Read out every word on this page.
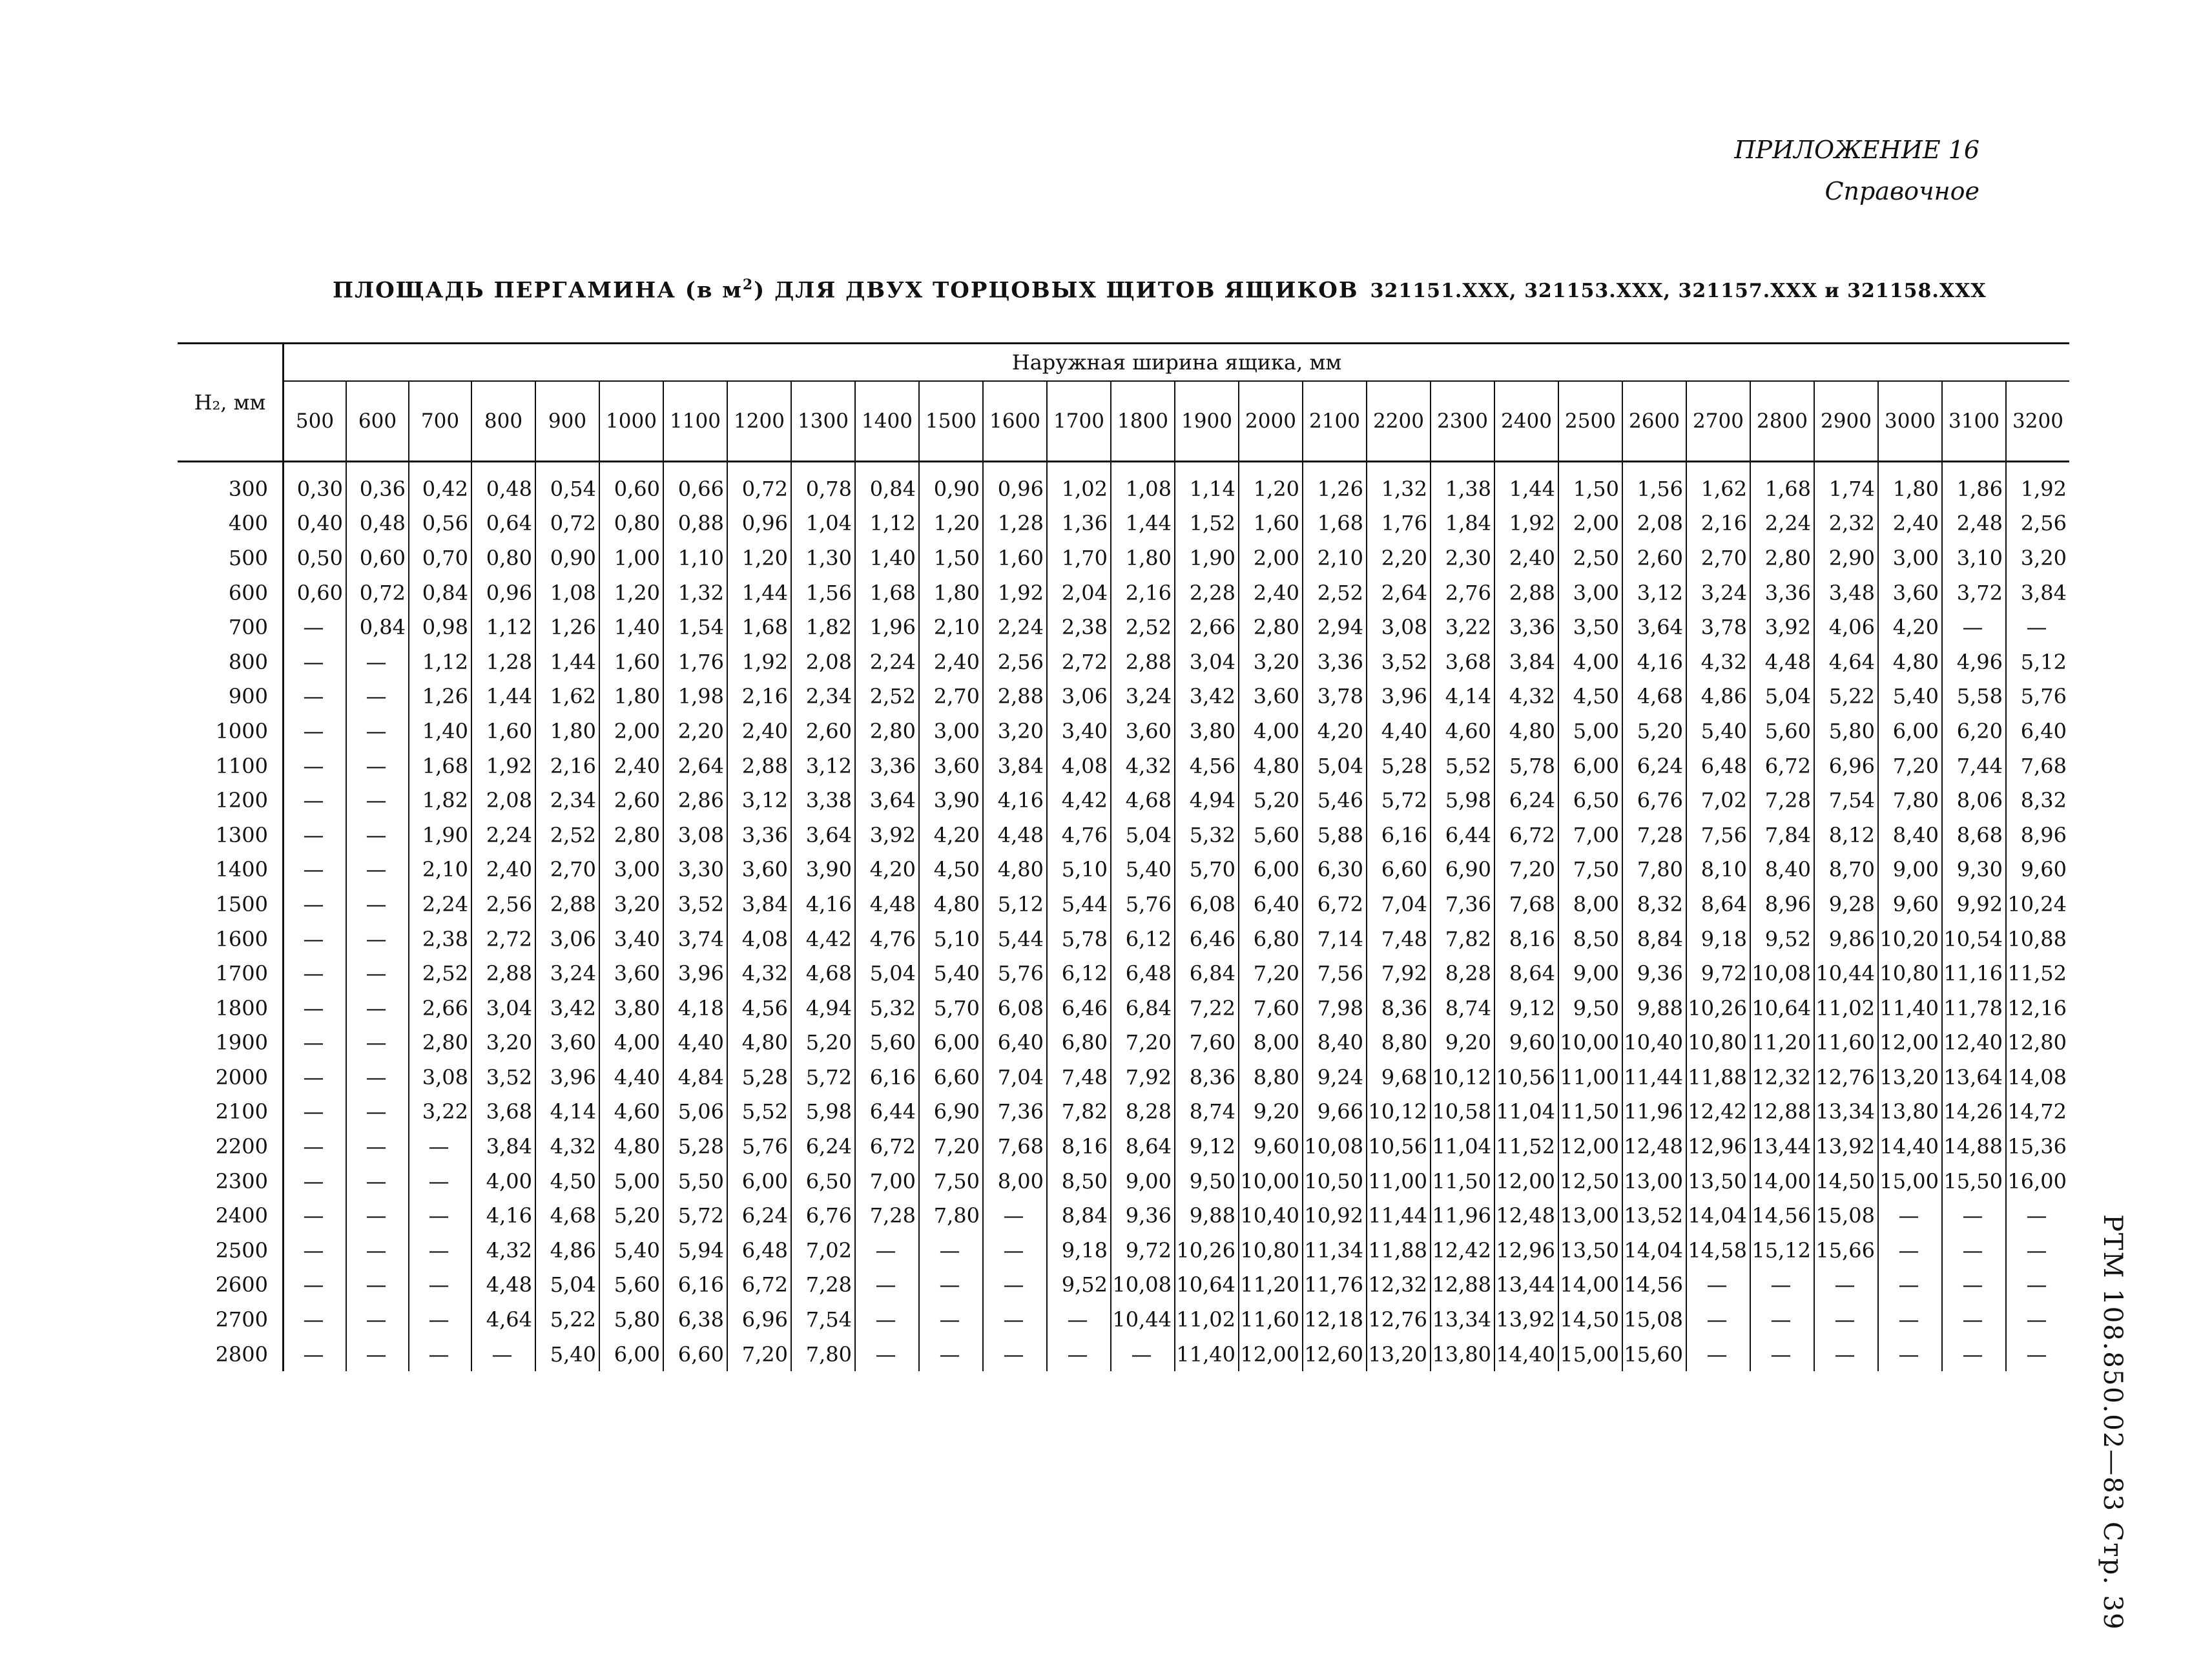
ПРИЛОЖЕНИЕ 16
Справочное
ПЛОЩАДЬ ПЕРГАМИНА (в $м^2$) ДЛЯ ДВУХ ТОРЦОВЫХ ЩИТОВ ЯЩИКОВ 321151.ХХХ, 321153.ХХХ, 321157.ХХХ и 321158.ХХХ
H₂, мм	Наружная ширина ящика, мм																											
	500	600	700	800	900	1000	1100	1200	1300	1400	1500	1600	1700	1800	1900	2000	2100	2200	2300	2400	2500	2600	2700	2800	2900	3000	3100	3200
300	0,30	0,36	0,42	0,48	0,54	0,60	0,66	0,72	0,78	0,84	0,90	0,96	1,02	1,08	1,14	1,20	1,26	1,32	1,38	1,44	1,50	1,56	1,62	1,68	1,74	1,80	1,86	1,92
400	0,40	0,48	0,56	0,64	0,72	0,80	0,88	0,96	1,04	1,12	1,20	1,28	1,36	1,44	1,52	1,60	1,68	1,76	1,84	1,92	2,00	2,08	2,16	2,24	2,32	2,40	2,48	2,56
500	0,50	0,60	0,70	0,80	0,90	1,00	1,10	1,20	1,30	1,40	1,50	1,60	1,70	1,80	1,90	2,00	2,10	2,20	2,30	2,40	2,50	2,60	2,70	2,80	2,90	3,00	3,10	3,20
600	0,60	0,72	0,84	0,96	1,08	1,20	1,32	1,44	1,56	1,68	1,80	1,92	2,04	2,16	2,28	2,40	2,52	2,64	2,76	2,88	3,00	3,12	3,24	3,36	3,48	3,60	3,72	3,84
700	—	0,84	0,98	1,12	1,26	1,40	1,54	1,68	1,82	1,96	2,10	2,24	2,38	2,52	2,66	2,80	2,94	3,08	3,22	3,36	3,50	3,64	3,78	3,92	4,06	4,20	—	—
800	—	—	1,12	1,28	1,44	1,60	1,76	1,92	2,08	2,24	2,40	2,56	2,72	2,88	3,04	3,20	3,36	3,52	3,68	3,84	4,00	4,16	4,32	4,48	4,64	4,80	4,96	5,12
900	—	—	1,26	1,44	1,62	1,80	1,98	2,16	2,34	2,52	2,70	2,88	3,06	3,24	3,42	3,60	3,78	3,96	4,14	4,32	4,50	4,68	4,86	5,04	5,22	5,40	5,58	5,76
1000	—	—	1,40	1,60	1,80	2,00	2,20	2,40	2,60	2,80	3,00	3,20	3,40	3,60	3,80	4,00	4,20	4,40	4,60	4,80	5,00	5,20	5,40	5,60	5,80	6,00	6,20	6,40
1100	—	—	1,68	1,92	2,16	2,40	2,64	2,88	3,12	3,36	3,60	3,84	4,08	4,32	4,56	4,80	5,04	5,28	5,52	5,78	6,00	6,24	6,48	6,72	6,96	7,20	7,44	7,68
1200	—	—	1,82	2,08	2,34	2,60	2,86	3,12	3,38	3,64	3,90	4,16	4,42	4,68	4,94	5,20	5,46	5,72	5,98	6,24	6,50	6,76	7,02	7,28	7,54	7,80	8,06	8,32
1300	—	—	1,90	2,24	2,52	2,80	3,08	3,36	3,64	3,92	4,20	4,48	4,76	5,04	5,32	5,60	5,88	6,16	6,44	6,72	7,00	7,28	7,56	7,84	8,12	8,40	8,68	8,96
1400	—	—	2,10	2,40	2,70	3,00	3,30	3,60	3,90	4,20	4,50	4,80	5,10	5,40	5,70	6,00	6,30	6,60	6,90	7,20	7,50	7,80	8,10	8,40	8,70	9,00	9,30	9,60
1500	—	—	2,24	2,56	2,88	3,20	3,52	3,84	4,16	4,48	4,80	5,12	5,44	5,76	6,08	6,40	6,72	7,04	7,36	7,68	8,00	8,32	8,64	8,96	9,28	9,60	9,92	10,24
1600	—	—	2,38	2,72	3,06	3,40	3,74	4,08	4,42	4,76	5,10	5,44	5,78	6,12	6,46	6,80	7,14	7,48	7,82	8,16	8,50	8,84	9,18	9,52	9,86	10,20	10,54	10,88
1700	—	—	2,52	2,88	3,24	3,60	3,96	4,32	4,68	5,04	5,40	5,76	6,12	6,48	6,84	7,20	7,56	7,92	8,28	8,64	9,00	9,36	9,72	10,08	10,44	10,80	11,16	11,52
1800	—	—	2,66	3,04	3,42	3,80	4,18	4,56	4,94	5,32	5,70	6,08	6,46	6,84	7,22	7,60	7,98	8,36	8,74	9,12	9,50	9,88	10,26	10,64	11,02	11,40	11,78	12,16
1900	—	—	2,80	3,20	3,60	4,00	4,40	4,80	5,20	5,60	6,00	6,40	6,80	7,20	7,60	8,00	8,40	8,80	9,20	9,60	10,00	10,40	10,80	11,20	11,60	12,00	12,40	12,80
2000	—	—	3,08	3,52	3,96	4,40	4,84	5,28	5,72	6,16	6,60	7,04	7,48	7,92	8,36	8,80	9,24	9,68	10,12	10,56	11,00	11,44	11,88	12,32	12,76	13,20	13,64	14,08
2100	—	—	3,22	3,68	4,14	4,60	5,06	5,52	5,98	6,44	6,90	7,36	7,82	8,28	8,74	9,20	9,66	10,12	10,58	11,04	11,50	11,96	12,42	12,88	13,34	13,80	14,26	14,72
2200	—	—	—	3,84	4,32	4,80	5,28	5,76	6,24	6,72	7,20	7,68	8,16	8,64	9,12	9,60	10,08	10,56	11,04	11,52	12,00	12,48	12,96	13,44	13,92	14,40	14,88	15,36
2300	—	—	—	4,00	4,50	5,00	5,50	6,00	6,50	7,00	7,50	8,00	8,50	9,00	9,50	10,00	10,50	11,00	11,50	12,00	12,50	13,00	13,50	14,00	14,50	15,00	15,50	16,00
2400	—	—	—	4,16	4,68	5,20	5,72	6,24	6,76	7,28	7,80	—	8,84	9,36	9,88	10,40	10,92	11,44	11,96	12,48	13,00	13,52	14,04	14,56	15,08	—	—	—
2500	—	—	—	4,32	4,86	5,40	5,94	6,48	7,02	—	—	—	9,18	9,72	10,26	10,80	11,34	11,88	12,42	12,96	13,50	14,04	14,58	15,12	15,66	—	—	—
2600	—	—	—	4,48	5,04	5,60	6,16	6,72	7,28	—	—	—	9,52	10,08	10,64	11,20	11,76	12,32	12,88	13,44	14,00	14,56	—	—	—	—	—	—
2700	—	—	—	4,64	5,22	5,80	6,38	6,96	7,54	—	—	—	—	10,44	11,02	11,60	12,18	12,76	13,34	13,92	14,50	15,08	—	—	—	—	—	—
2800	—	—	—	—	5,40	6,00	6,60	7,20	7,80	—	—	—	—	—	11,40	12,00	12,60	13,20	13,80	14,40	15,00	15,60	—	—	—	—	—	— РТМ 108.850.02—83 Стр. 39
